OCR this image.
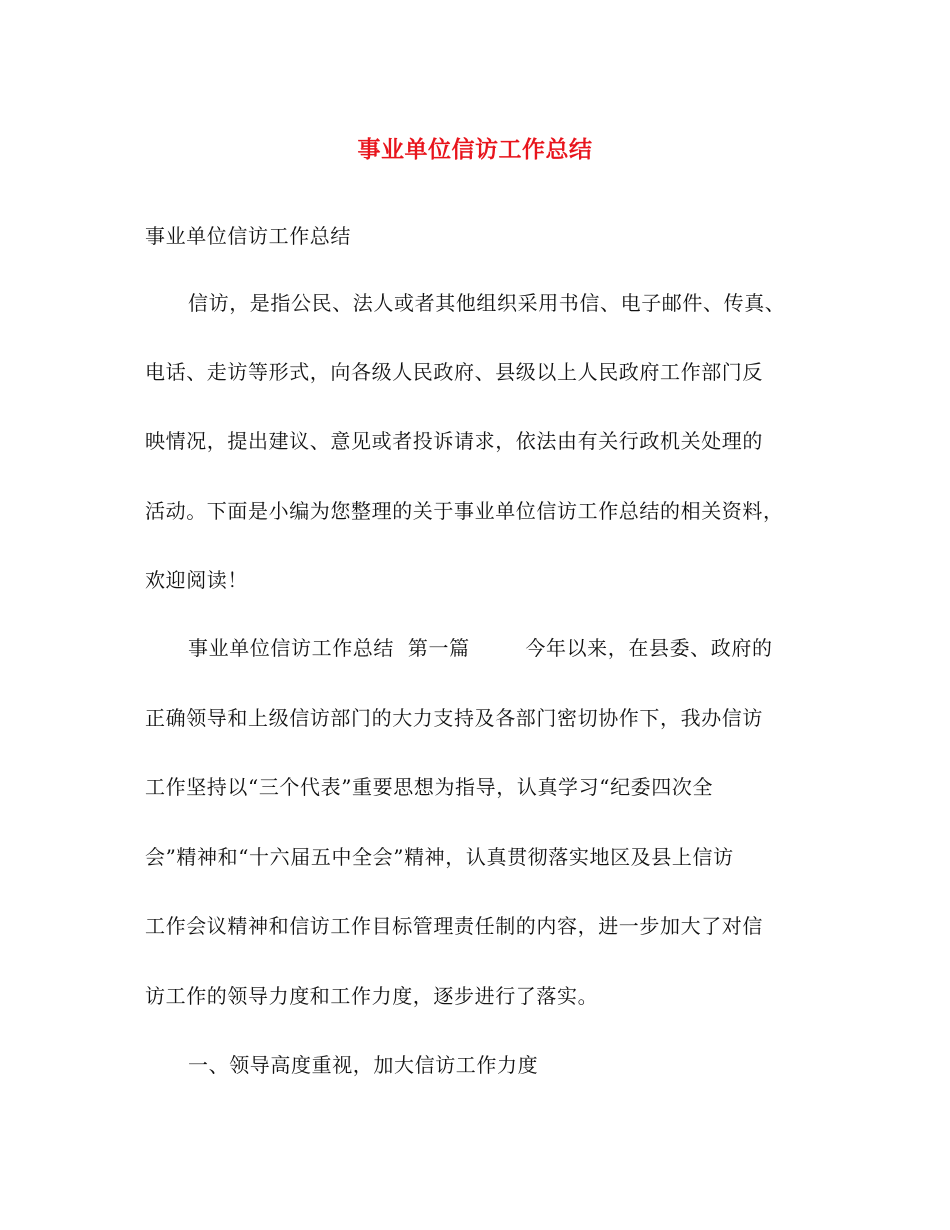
事业单位信访工作总结
事业单位信访工作总结
信访，是指公民、法人或者其他组织采用书信、电子邮件、传真、
电话、走访等形式，向各级人民政府、县级以上人民政府工作部门反
映情况，提出建议、意见或者投诉请求，依法由有关行政机关处理的
活动。下面是小编为您整理的关于事业单位信访工作总结的相关资料，
欢迎阅读！
事业单位信访工作总结  第一篇        今年以来，在县委、政府的
正确领导和上级信访部门的大力支持及各部门密切协作下，我办信访
工作坚持以“三个代表”重要思想为指导，认真学习“纪委四次全
会”精神和“十六届五中全会”精神，认真贯彻落实地区及县上信访
工作会议精神和信访工作目标管理责任制的内容，进一步加大了对信
访工作的领导力度和工作力度，逐步进行了落实。
一、领导高度重视，加大信访工作力度
